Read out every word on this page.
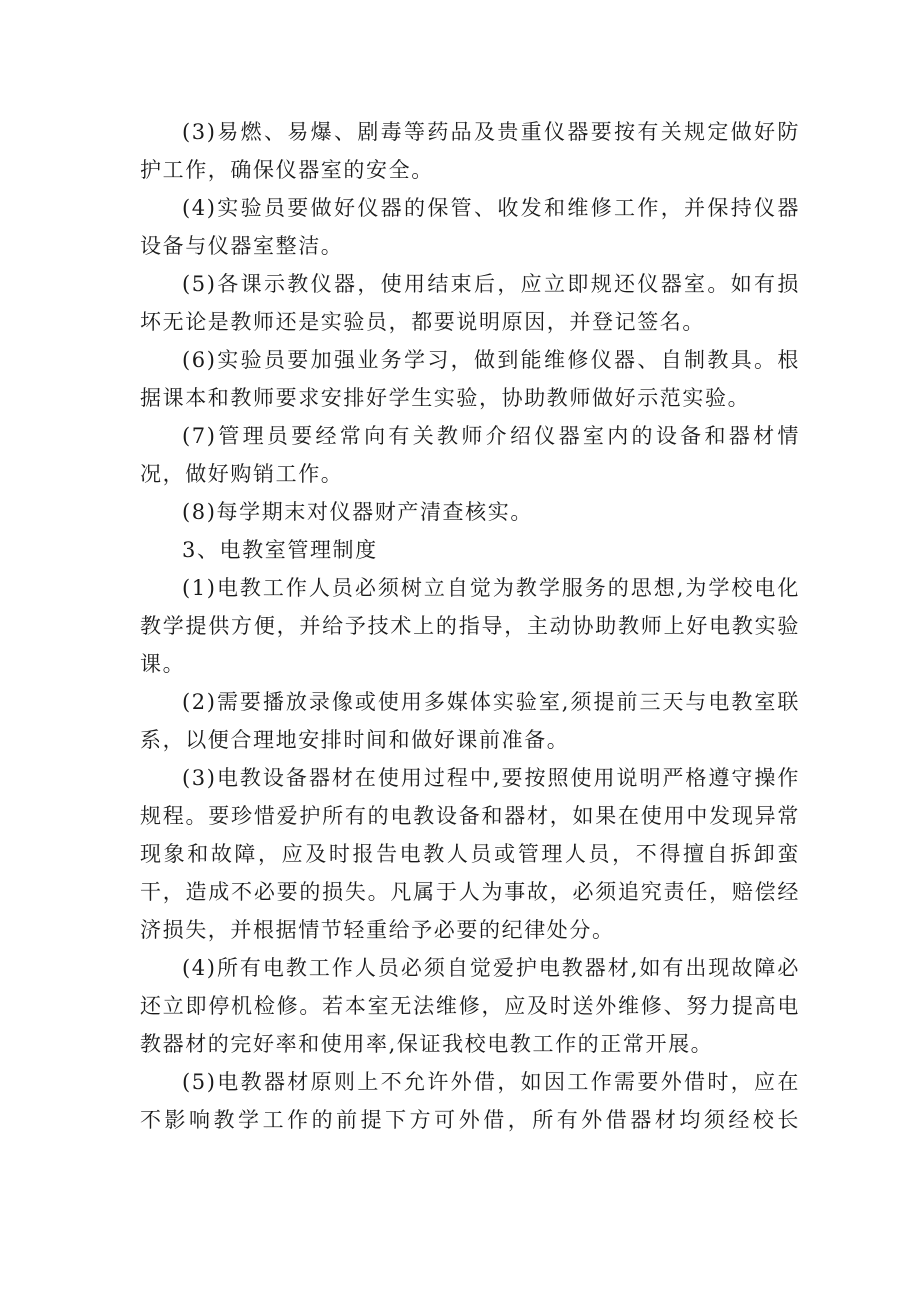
(3)易燃、易爆、剧毒等药品及贵重仪器要按有关规定做好防护工作，确保仪器室的安全。

(4)实验员要做好仪器的保管、收发和维修工作，并保持仪器设备与仪器室整洁。

(5)各课示教仪器，使用结束后，应立即规还仪器室。如有损坏无论是教师还是实验员，都要说明原因，并登记签名。

(6)实验员要加强业务学习，做到能维修仪器、自制教具。根据课本和教师要求安排好学生实验，协助教师做好示范实验。

(7)管理员要经常向有关教师介绍仪器室内的设备和器材情况，做好购销工作。

(8)每学期末对仪器财产清查核实。

3、电教室管理制度

(1)电教工作人员必须树立自觉为教学服务的思想,为学校电化教学提供方便，并给予技术上的指导，主动协助教师上好电教实验课。

(2)需要播放录像或使用多媒体实验室,须提前三天与电教室联系，以便合理地安排时间和做好课前准备。

(3)电教设备器材在使用过程中,要按照使用说明严格遵守操作规程。要珍惜爱护所有的电教设备和器材，如果在使用中发现异常现象和故障，应及时报告电教人员或管理人员，不得擅自拆卸蛮干，造成不必要的损失。凡属于人为事故，必须追究责任，赔偿经济损失，并根据情节轻重给予必要的纪律处分。

(4)所有电教工作人员必须自觉爱护电教器材,如有出现故障必还立即停机检修。若本室无法维修，应及时送外维修、努力提高电教器材的完好率和使用率,保证我校电教工作的正常开展。

(5)电教器材原则上不允许外借，如因工作需要外借时，应在不影响教学工作的前提下方可外借，所有外借器材均须经校长
